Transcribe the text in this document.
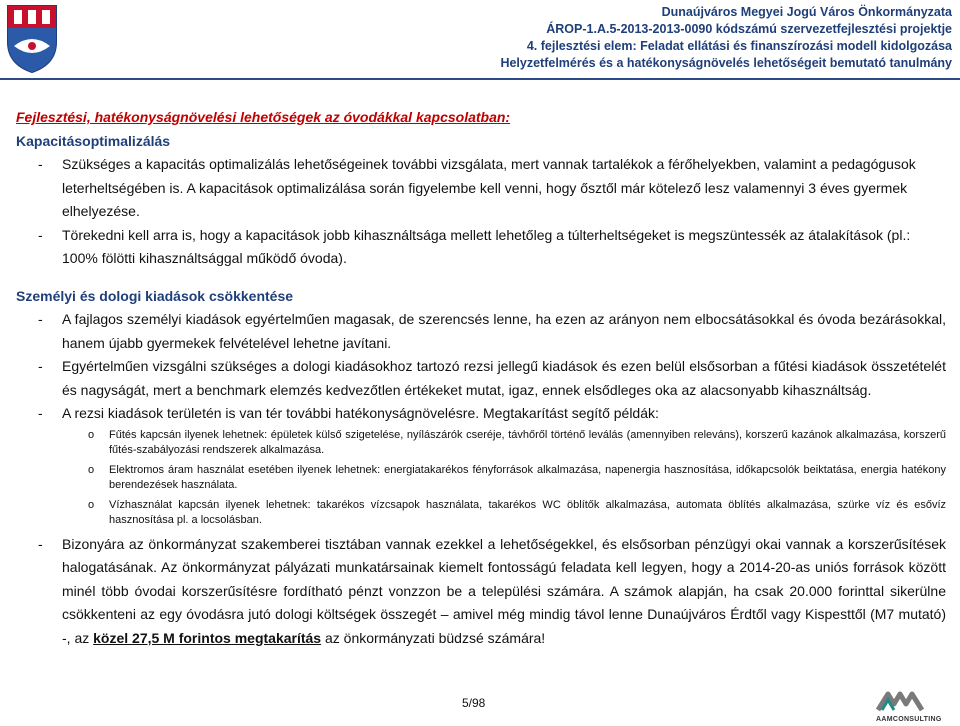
Dunaújváros Megyei Jogú Város Önkormányzata
ÁROP-1.A.5-2013-2013-0090 kódszámú szervezetfejlesztési projektje
4. fejlesztési elem: Feladat ellátási és finanszírozási modell kidolgozása
Helyzetfelmérés és a hatékonyságnövelés lehetőségeit bemutató tanulmány

Fejlesztési, hatékonyságnövelési lehetőségek az óvodákkal kapcsolatban:

Kapacitásoptimalizálás

- Szükséges a kapacitás optimalizálás lehetőségeinek további vizsgálata, mert vannak tartalékok a férőhelyekben, valamint a pedagógusok leterheltségében is. A kapacitások optimalizálása során figyelembe kell venni, hogy ősztől már kötelező lesz valamennyi 3 éves gyermek elhelyezése.

- Törekedni kell arra is, hogy a kapacitások jobb kihasználtsága mellett lehetőleg a túlterheltségeket is megszüntessék az átalakítások (pl.: 100% fölötti kihasználtsággal működő óvoda).

Személyi és dologi kiadások csökkentése

- A fajlagos személyi kiadások egyértelműen magasak, de szerencsés lenne, ha ezen az arányon nem elbocsátásokkal és óvoda bezárásokkal, hanem újabb gyermekek felvételével lehetne javítani.

- Egyértelműen vizsgálni szükséges a dologi kiadásokhoz tartozó rezsi jellegű kiadások és ezen belül elsősorban a fűtési kiadások összetételét és nagyságát, mert a benchmark elemzés kedvezőtlen értékeket mutat, igaz, ennek elsődleges oka az alacsonyabb kihasználtság.

- A rezsi kiadások területén is van tér további hatékonyságnövelésre. Megtakarítást segítő példák:

o Fűtés kapcsán ilyenek lehetnek: épületek külső szigetelése, nyílászárók cseréje, távhőről történő leválás (amennyiben releváns), korszerű kazánok alkalmazása, korszerű fűtés-szabályozási rendszerek alkalmazása.

o Elektromos áram használat esetében ilyenek lehetnek: energiatakarékos fényforrások alkalmazása, napenergia hasznosítása, időkapcsolók beiktatása, energia hatékony berendezések használata.

o Vízhasználat kapcsán ilyenek lehetnek: takarékos vízcsapok használata, takarékos WC öblítők alkalmazása, automata öblítés alkalmazása, szürke víz és esővíz hasznosítása pl. a locsolásban.

- Bizonyára az önkormányzat szakemberei tisztában vannak ezekkel a lehetőségekkel, és elsősorban pénzügyi okai vannak a korszerűsítések halogatásának. Az önkormányzat pályázati munkatársainak kiemelt fontosságú feladata kell legyen, hogy a 2014-20-as uniós források között minél több óvodai korszerűsítésre fordítható pénzt vonzzon be a települési számára. A számok alapján, ha csak 20.000 forinttal sikerülne csökkenteni az egy óvodásra jutó dologi költségek összegét – amivel még mindig távol lenne Dunaújváros Érdtől vagy Kispesttől (M7 mutató) -, az közel 27,5 M forintos megtakarítás az önkormányzati büdzsé számára!

5/98
AAMCONSULTING
